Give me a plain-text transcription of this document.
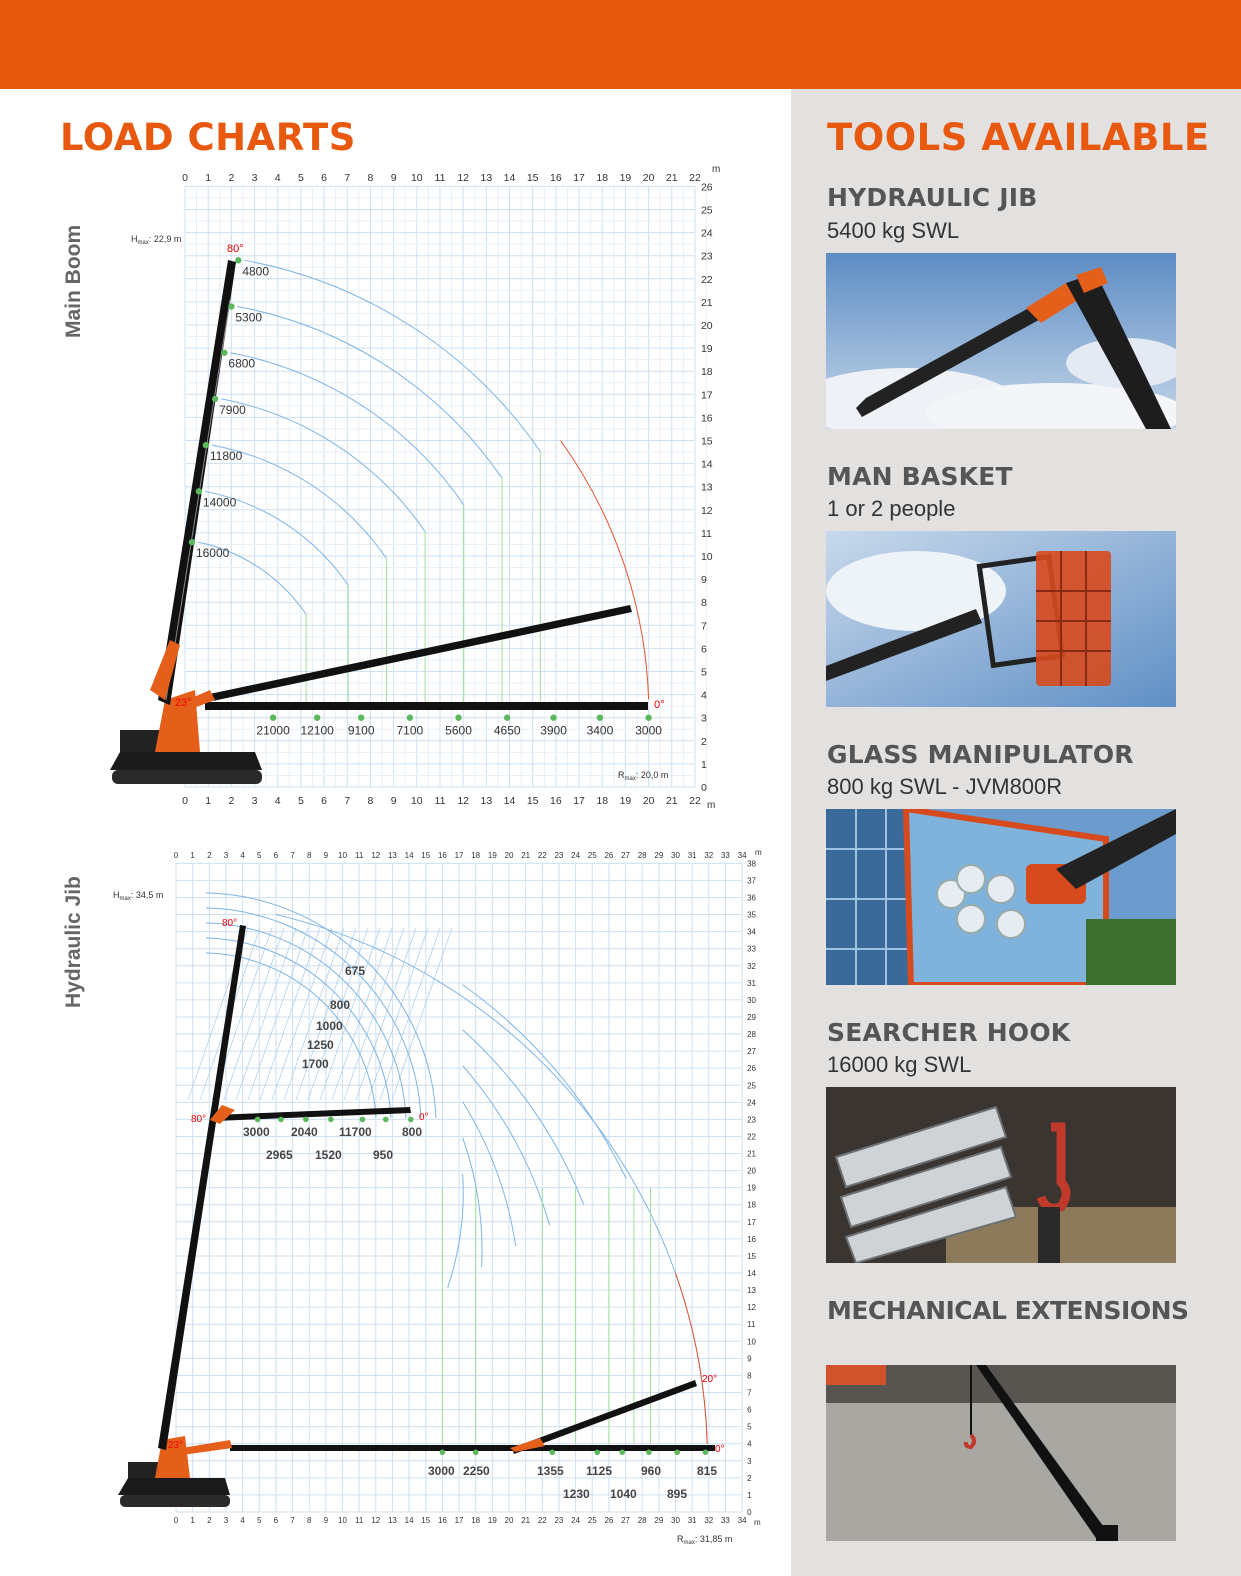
LOAD CHARTS	TOOLS AVAILABLE
HYDRAULIC JIB
5400 kg SWL
MAN BASKET
1 or 2 people
GLASS MANIPULATOR
800 kg SWL - JVM800R
SEARCHER HOOK
16000 kg SWL
MECHANICAL EXTENSIONS
Main Boom
Hydraulic Jib
0
0
1
1
2
2
3
3
4
4
5
5
6
6
7
7
8
8
9
9
10
10
11
11
12
12
13
13
14
14
15
15
16
16
17
17
18
18
19
19
20
20
21
21
22
22
0
1
2
3
4
5
6
7
8
9
10
11
12
13
14
15
16
17
18
19
20
21
22
23
24
25
26
4800
5300
6800
7900
11800
14000
16000
21000 12100 9100 7100 5600 4650 3900 3400 3000
m
m
$H_{max}$: 22,9 m
$R_{max}$: 20,0 m
80°
23°	0°
0
0
1
1
2
2
3
3
4
4
5
5
6
6
7
7
8
8
9
9
10
10
11
11
12
12
13
13
14
14
15
15
16
16
17
17
18
18
19
19
20
20
21
21
22
22
23
23
24
24
25
25
26
26
27
27
28
28
29
29
30
30
31
31
32
32
33
33
34
34
0
1
2
3
4
5
6
7
8
9
10
11
12
13
14
15
16
17
18
19
20
21
22
23
24
25
26
27
28
29
30
31
32
33
34
35
36
37
38
m
m
$H_{max}$: 34,5 m
$R_{max}$: 31,85 m
80°
80°	0°
23°
20°
0°
675
800
1000
1250
1700
3000 2040 11700	800
2965 1520	950
3000 2250	1355 1125 960	815
1230 1040	895
